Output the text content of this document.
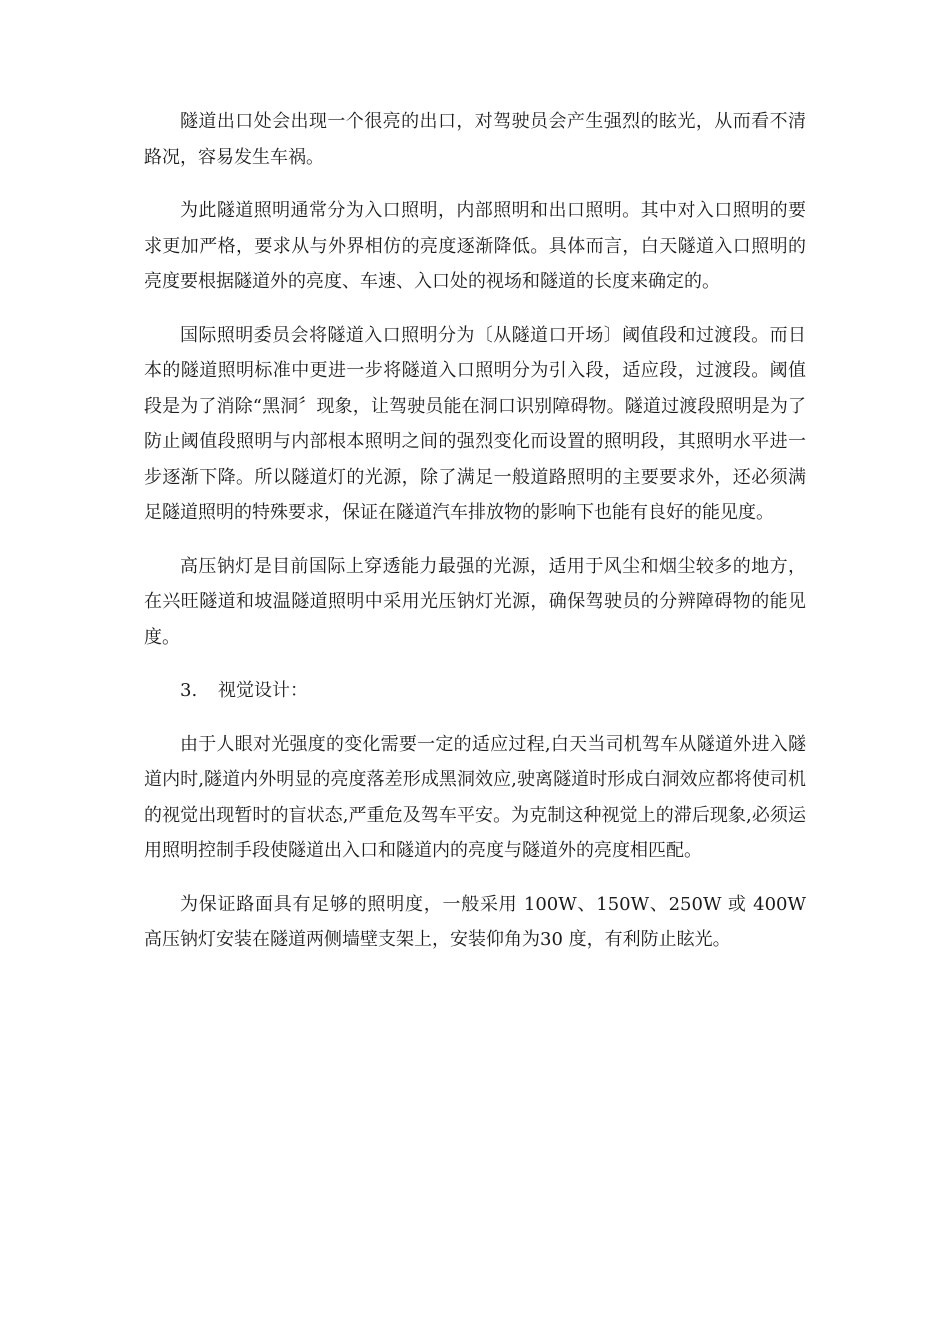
隧道出口处会出现一个很亮的出口，对驾驶员会产生强烈的眩光，从而看不清路况，容易发生车祸。

为此隧道照明通常分为入口照明，内部照明和出口照明。其中对入口照明的要求更加严格，要求从与外界相仿的亮度逐渐降低。具体而言，白天隧道入口照明的亮度要根据隧道外的亮度、车速、入口处的视场和隧道的长度来确定的。

国际照明委员会将隧道入口照明分为〔从隧道口开场〕阈值段和过渡段。而日本的隧道照明标准中更进一步将隧道入口照明分为引入段，适应段，过渡段。阈值段是为了消除“黑洞〞现象，让驾驶员能在洞口识别障碍物。隧道过渡段照明是为了防止阈值段照明与内部根本照明之间的强烈变化而设置的照明段，其照明水平进一步逐渐下降。所以隧道灯的光源，除了满足一般道路照明的主要要求外，还必须满足隧道照明的特殊要求，保证在隧道汽车排放物的影响下也能有良好的能见度。

高压钠灯是目前国际上穿透能力最强的光源，适用于风尘和烟尘较多的地方，在兴旺隧道和坡温隧道照明中采用光压钠灯光源，确保驾驶员的分辨障碍物的能见度。

3. 视觉设计：

由于人眼对光强度的变化需要一定的适应过程,白天当司机驾车从隧道外进入隧道内时,隧道内外明显的亮度落差形成黑洞效应,驶离隧道时形成白洞效应都将使司机的视觉出现暂时的盲状态,严重危及驾车平安。为克制这种视觉上的滞后现象,必须运用照明控制手段使隧道出入口和隧道内的亮度与隧道外的亮度相匹配。

为保证路面具有足够的照明度，一般采用 100W、150W、250W 或 400W 高压钠灯安装在隧道两侧墙壁支架上，安装仰角为30 度，有利防止眩光。
